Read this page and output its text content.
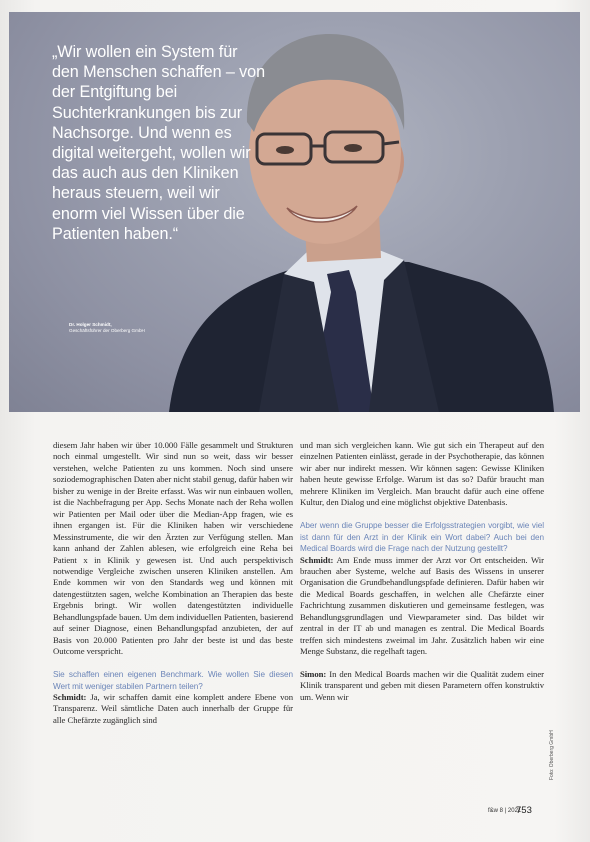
„Wir wollen ein System für den Menschen schaffen – von der Entgiftung bei Suchterkrankungen bis zur Nachsorge. Und wenn es digital weitergeht, wollen wir das auch aus den Kliniken heraus steuern, weil wir enorm viel Wissen über die Patienten haben.“

Dr. Holger Schmidt,
Geschäftsführer der Oberberg GmbH

diesem Jahr haben wir über 10.000 Fälle gesammelt und Strukturen noch einmal umgestellt. Wir sind nun so weit, dass wir besser verstehen, welche Patienten zu uns kommen. Noch sind unsere soziodemographischen Daten aber nicht stabil genug, dafür haben wir bisher zu wenige in der Breite erfasst. Was wir nun einbauen wollen, ist die Nachbefragung per App. Sechs Monate nach der Reha wollen wir Patienten per Mail oder über die Median-App fragen, wie es ihnen ergangen ist. Für die Kliniken haben wir verschiedene Messinstrumente, die wir den Ärzten zur Verfügung stellen. Man kann anhand der Zahlen ablesen, wie erfolgreich eine Reha bei Patient x in Klinik y gewesen ist. Und auch perspektivisch notwendige Vergleiche zwischen unseren Kliniken anstellen. Am Ende kommen wir von den Standards weg und können mit datengestützten sagen, welche Kombination an Therapien das beste Ergebnis bringt. Wir wollen datengestützten individuelle Behandlungspfade bauen. Um dem individuellen Patienten, basierend auf seiner Diagnose, einen Behandlungspfad anzubieten, der auf Basis von 20.000 Patienten pro Jahr der beste ist und das beste Outcome verspricht.

Sie schaffen einen eigenen Benchmark. Wie wollen Sie diesen Wert mit weniger stabilen Partnern teilen?

Schmidt: Ja, wir schaffen damit eine komplett andere Ebene von Transparenz. Weil sämtliche Daten auch innerhalb der Gruppe für alle Chefärzte zugänglich sind

und man sich vergleichen kann. Wie gut sich ein Therapeut auf den einzelnen Patienten einlässt, gerade in der Psychotherapie, das können wir aber nur indirekt messen. Wir können sagen: Gewisse Kliniken haben heute gewisse Erfolge. Warum ist das so? Dafür braucht man mehrere Kliniken im Vergleich. Man braucht dafür auch eine offene Kultur, den Dialog und eine möglichst objektive Datenbasis.

Aber wenn die Gruppe besser die Erfolgsstrategien vorgibt, wie viel ist dann für den Arzt in der Klinik ein Wort dabei? Auch bei den Medical Boards wird die Frage nach der Nutzung gestellt?

Schmidt: Am Ende muss immer der Arzt vor Ort entscheiden. Wir brauchen aber Systeme, welche auf Basis des Wissens in unserer Organisation die Grundbehandlungspfade definieren. Dafür haben wir die Medical Boards geschaffen, in welchen alle Chefärzte einer Fachrichtung zusammen diskutieren und gemeinsame festlegen, was Behandlungsgrundlagen und Viewparameter sind. Das bildet wir zentral in der IT ab und managen es zentral. Die Medical Boards treffen sich mindestens zweimal im Jahr. Zusätzlich haben wir eine Menge Substanz, die regelhaft tagen.

Simon: In den Medical Boards machen wir die Qualität zudem einer Klinik transparent und geben mit diesen Parametern offen konstruktiv um. Wenn wir

Foto: Oberberg GmbH
f&w 8 | 2021
753
